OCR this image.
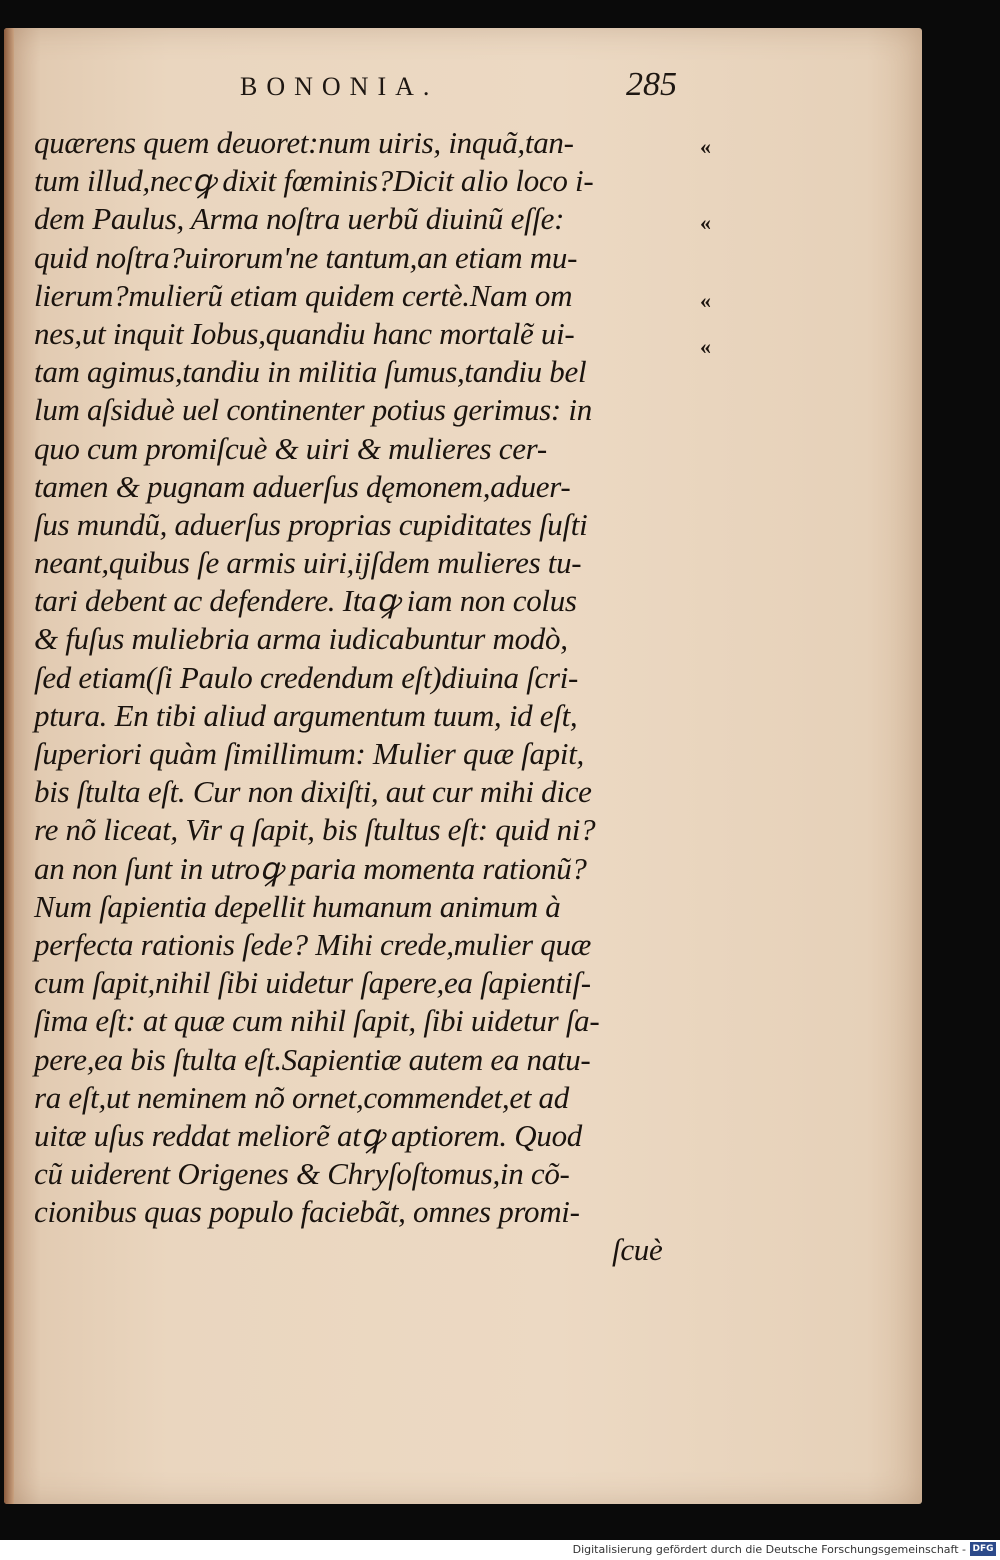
BONONIA.	285
quærens quem deuoret:num uiris, inquã,tan-
tum illud,necꝙ dixit fœminis?Dicit alio loco i-
dem Paulus, Arma noſtra uerbũ diuinũ eſſe:
quid noſtra?uirorum'ne tantum,an etiam mu-
lierum?mulierũ etiam quidem certè.Nam om
nes,ut inquit Iobus,quandiu hanc mortalẽ ui-
tam agimus,tandiu in militia ſumus,tandiu bel
lum aſsiduè uel continenter potius gerimus: in
quo cum promiſcuè & uiri & mulieres cer-
tamen & pugnam aduerſus dęmonem,aduer-
ſus mundũ, aduerſus proprias cupiditates ſuſti
neant,quibus ſe armis uiri,ijſdem mulieres tu-
tari debent ac defendere. Itaꝙ iam non colus
& fuſus muliebria arma iudicabuntur modò,
ſed etiam(ſi Paulo credendum eſt)diuina ſcri-
ptura. En tibi aliud argumentum tuum, id eſt,
ſuperiori quàm ſimillimum: Mulier quæ ſapit,
bis ſtulta eſt. Cur non dixiſti, aut cur mihi dice
re nõ liceat, Vir q ſapit, bis ſtultus eſt: quid ni?
an non ſunt in utroꝙ paria momenta rationũ?
Num ſapientia depellit humanum animum à
perfecta rationis ſede? Mihi crede,mulier quæ
cum ſapit,nihil ſibi uidetur ſapere,ea ſapientiſ-
ſima eſt: at quæ cum nihil ſapit, ſibi uidetur ſa-
pere,ea bis ſtulta eſt.Sapientiæ autem ea natu-
ra eſt,ut neminem nõ ornet,commendet,et ad
uitæ uſus reddat meliorẽ atꝙ aptiorem. Quod
cũ uiderent Origenes & Chryſoſtomus,in cõ-
cionibus quas populo faciebãt, omnes promi-
ſcuè
«
«
«
«
Digitalisierung gefördert durch die Deutsche Forschungsgemeinschaft - DFG
